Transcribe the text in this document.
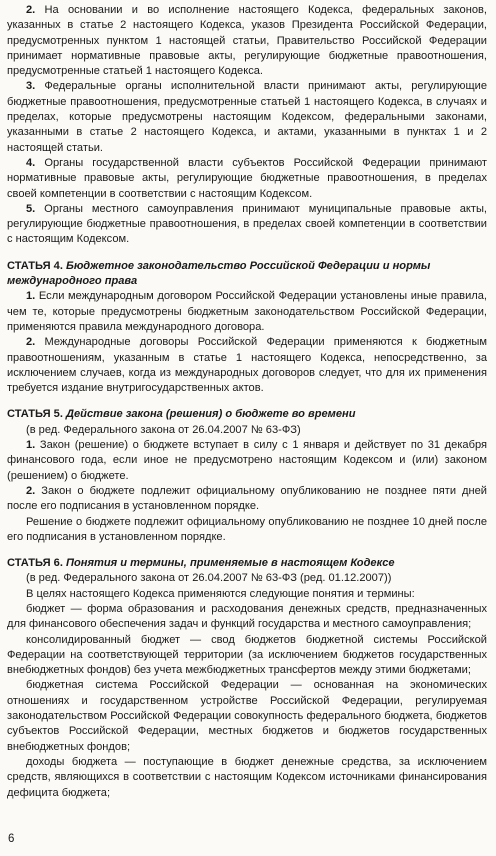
2. На основании и во исполнение настоящего Кодекса, федеральных законов, указанных в статье 2 настоящего Кодекса, указов Президента Российской Федерации, предусмотренных пунктом 1 настоящей статьи, Правительство Российской Федерации принимает нормативные правовые акты, регулирующие бюджетные правоотношения, предусмотренные статьей 1 настоящего Кодекса.

3. Федеральные органы исполнительной власти принимают акты, регулирующие бюджетные правоотношения, предусмотренные статьей 1 настоящего Кодекса, в случаях и пределах, которые предусмотрены настоящим Кодексом, федеральными законами, указанными в статье 2 настоящего Кодекса, и актами, указанными в пунктах 1 и 2 настоящей статьи.

4. Органы государственной власти субъектов Российской Федерации принимают нормативные правовые акты, регулирующие бюджетные правоотношения, в пределах своей компетенции в соответствии с настоящим Кодексом.

5. Органы местного самоуправления принимают муниципальные правовые акты, регулирующие бюджетные правоотношения, в пределах своей компетенции в соответствии с настоящим Кодексом.

СТАТЬЯ 4. Бюджетное законодательство Российской Федерации и нормы международного права

1. Если международным договором Российской Федерации установлены иные правила, чем те, которые предусмотрены бюджетным законодательством Российской Федерации, применяются правила международного договора.

2. Международные договоры Российской Федерации применяются к бюджетным правоотношениям, указанным в статье 1 настоящего Кодекса, непосредственно, за исключением случаев, когда из международных договоров следует, что для их применения требуется издание внутригосударственных актов.

СТАТЬЯ 5. Действие закона (решения) о бюджете во времени

(в ред. Федерального закона от 26.04.2007 № 63-ФЗ)

1. Закон (решение) о бюджете вступает в силу с 1 января и действует по 31 декабря финансового года, если иное не предусмотрено настоящим Кодексом и (или) законом (решением) о бюджете.

2. Закон о бюджете подлежит официальному опубликованию не позднее пяти дней после его подписания в установленном порядке.

Решение о бюджете подлежит официальному опубликованию не позднее 10 дней после его подписания в установленном порядке.

СТАТЬЯ 6. Понятия и термины, применяемые в настоящем Кодексе

(в ред. Федерального закона от 26.04.2007 № 63-ФЗ (ред. 01.12.2007))

В целях настоящего Кодекса применяются следующие понятия и термины:

бюджет — форма образования и расходования денежных средств, предназначенных для финансового обеспечения задач и функций государства и местного самоуправления;

консолидированный бюджет — свод бюджетов бюджетной системы Российской Федерации на соответствующей территории (за исключением бюджетов государственных внебюджетных фондов) без учета межбюджетных трансфертов между этими бюджетами;

бюджетная система Российской Федерации — основанная на экономических отношениях и государственном устройстве Российской Федерации, регулируемая законодательством Российской Федерации совокупность федерального бюджета, бюджетов субъектов Российской Федерации, местных бюджетов и бюджетов государственных внебюджетных фондов;

доходы бюджета — поступающие в бюджет денежные средства, за исключением средств, являющихся в соответствии с настоящим Кодексом источниками финансирования дефицита бюджета;

6
